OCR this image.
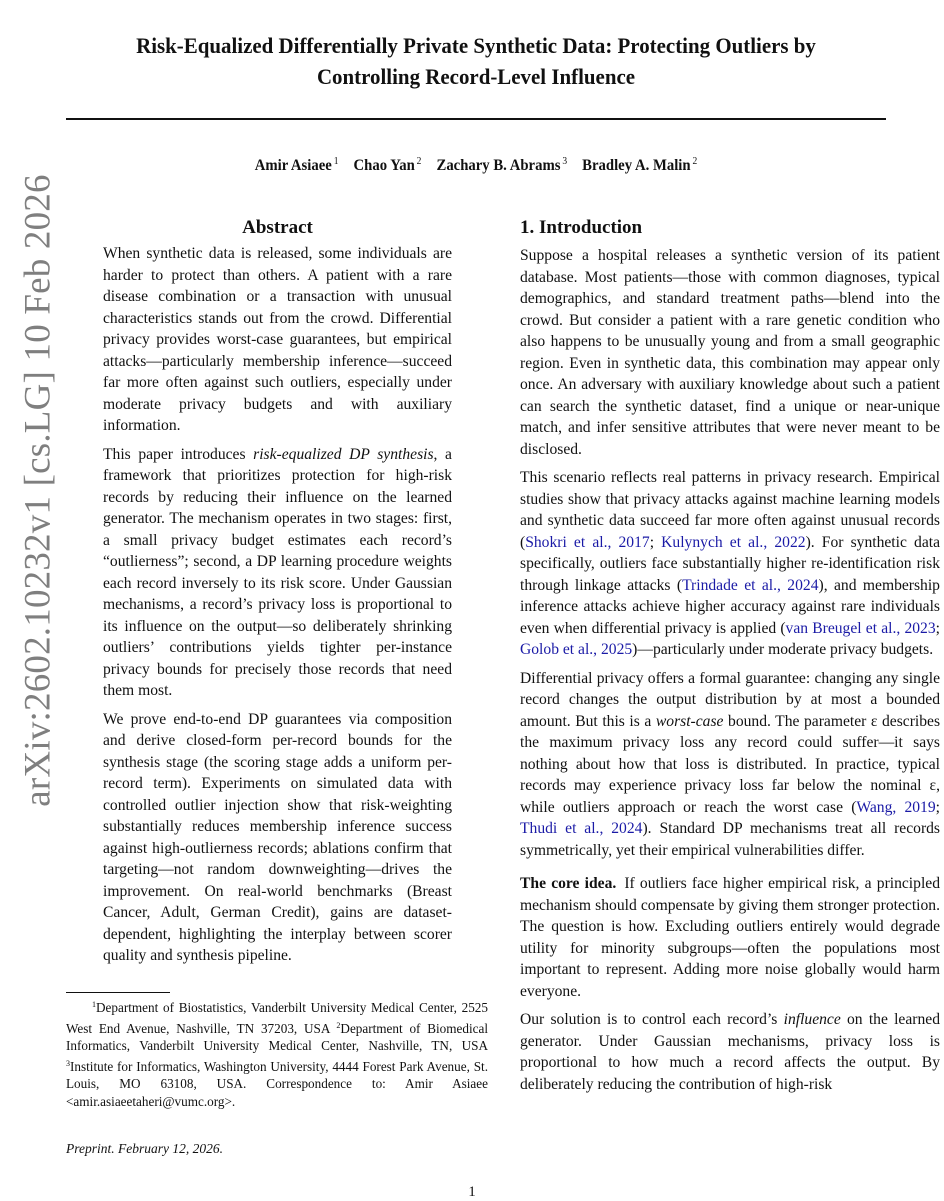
arXiv:2602.10232v1 [cs.LG] 10 Feb 2026
Risk-Equalized Differentially Private Synthetic Data: Protecting Outliers by
Controlling Record-Level Influence
Amir Asiaee $^1$ Chao Yan $^2$ Zachary B. Abrams $^3$ Bradley A. Malin $^2$
Abstract

When synthetic data is released, some individuals are harder to protect than others. A patient with a rare disease combination or a transaction with unusual characteristics stands out from the crowd. Differential privacy provides worst-case guarantees, but empirical attacks—particularly membership inference—succeed far more often against such outliers, especially under moderate privacy budgets and with auxiliary information.

This paper introduces risk-equalized DP synthesis, a framework that prioritizes protection for high-risk records by reducing their influence on the learned generator. The mechanism operates in two stages: first, a small privacy budget estimates each record’s “outlierness”; second, a DP learning procedure weights each record inversely to its risk score. Under Gaussian mechanisms, a record’s privacy loss is proportional to its influence on the output—so deliberately shrinking outliers’ contributions yields tighter per-instance privacy bounds for precisely those records that need them most.

We prove end-to-end DP guarantees via composition and derive closed-form per-record bounds for the synthesis stage (the scoring stage adds a uniform per-record term). Experiments on simulated data with controlled outlier injection show that risk-weighting substantially reduces membership inference success against high-outlierness records; ablations confirm that targeting—not random downweighting—drives the improvement. On real-world benchmarks (Breast Cancer, Adult, German Credit), gains are dataset-dependent, highlighting the interplay between scorer quality and synthesis pipeline.

$^1$Department of Biostatistics, Vanderbilt University Medical Center, 2525 West End Avenue, Nashville, TN 37203, USA $^2$Department of Biomedical Informatics, Vanderbilt University Medical Center, Nashville, TN, USA $^3$Institute for Informatics, Washington University, 4444 Forest Park Avenue, St. Louis, MO 63108, USA. Correspondence to: Amir Asiaee <amir.asiaeetaheri@vumc.org>.
Preprint. February 12, 2026.
1. Introduction

Suppose a hospital releases a synthetic version of its patient database. Most patients—those with common diagnoses, typical demographics, and standard treatment paths—blend into the crowd. But consider a patient with a rare genetic condition who also happens to be unusually young and from a small geographic region. Even in synthetic data, this combination may appear only once. An adversary with auxiliary knowledge about such a patient can search the synthetic dataset, find a unique or near-unique match, and infer sensitive attributes that were never meant to be disclosed.

This scenario reflects real patterns in privacy research. Empirical studies show that privacy attacks against machine learning models and synthetic data succeed far more often against unusual records (Shokri et al., 2017; Kulynych et al., 2022). For synthetic data specifically, outliers face substantially higher re-identification risk through linkage attacks (Trindade et al., 2024), and membership inference attacks achieve higher accuracy against rare individuals even when differential privacy is applied (van Breugel et al., 2023; Golob et al., 2025)—particularly under moderate privacy budgets.

Differential privacy offers a formal guarantee: changing any single record changes the output distribution by at most a bounded amount. But this is a worst-case bound. The parameter ε describes the maximum privacy loss any record could suffer—it says nothing about how that loss is distributed. In practice, typical records may experience privacy loss far below the nominal ε, while outliers approach or reach the worst case (Wang, 2019; Thudi et al., 2024). Standard DP mechanisms treat all records symmetrically, yet their empirical vulnerabilities differ.

The core idea. If outliers face higher empirical risk, a principled mechanism should compensate by giving them stronger protection. The question is how. Excluding outliers entirely would degrade utility for minority subgroups—often the populations most important to represent. Adding more noise globally would harm everyone.

Our solution is to control each record’s influence on the learned generator. Under Gaussian mechanisms, privacy loss is proportional to how much a record affects the output. By deliberately reducing the contribution of high-risk

1
